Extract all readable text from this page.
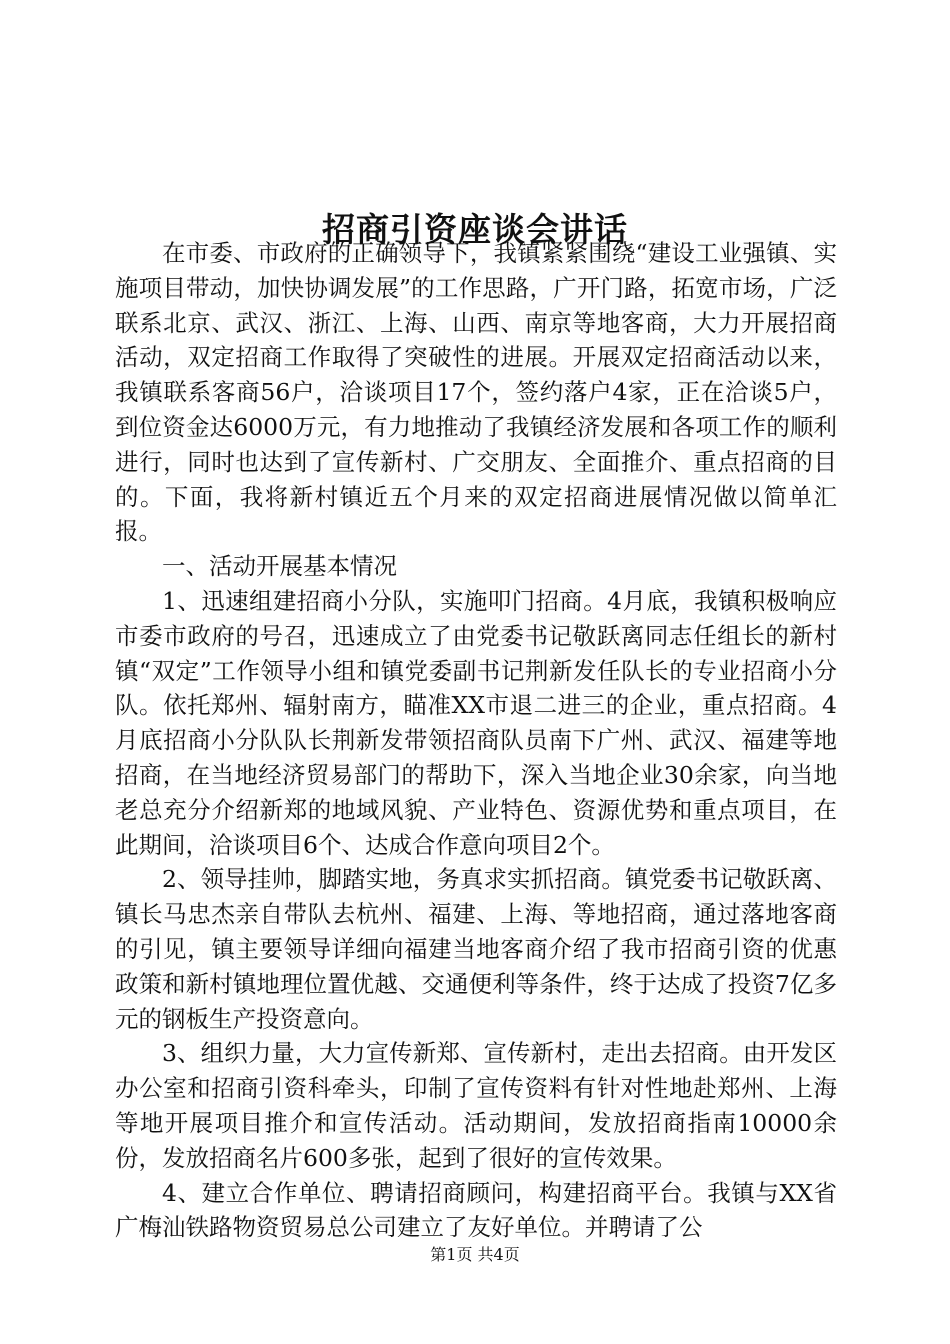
招商引资座谈会讲话

在市委、市政府的正确领导下，我镇紧紧围绕“建设工业强镇、实施项目带动，加快协调发展”的工作思路，广开门路，拓宽市场，广泛联系北京、武汉、浙江、上海、山西、南京等地客商，大力开展招商活动，双定招商工作取得了突破性的进展。开展双定招商活动以来，我镇联系客商56户，洽谈项目17个，签约落户4家，正在洽谈5户，到位资金达6000万元，有力地推动了我镇经济发展和各项工作的顺利进行，同时也达到了宣传新村、广交朋友、全面推介、重点招商的目的。下面，我将新村镇近五个月来的双定招商进展情况做以简单汇报。

一、活动开展基本情况

1、迅速组建招商小分队，实施叩门招商。4月底，我镇积极响应市委市政府的号召，迅速成立了由党委书记敬跃离同志任组长的新村镇“双定”工作领导小组和镇党委副书记荆新发任队长的专业招商小分队。依托郑州、辐射南方，瞄准XX市退二进三的企业，重点招商。4月底招商小分队队长荆新发带领招商队员南下广州、武汉、福建等地招商，在当地经济贸易部门的帮助下，深入当地企业30余家，向当地老总充分介绍新郑的地域风貌、产业特色、资源优势和重点项目，在此期间，洽谈项目6个、达成合作意向项目2个。

2、领导挂帅，脚踏实地，务真求实抓招商。镇党委书记敬跃离、镇长马忠杰亲自带队去杭州、福建、上海、等地招商，通过落地客商的引见，镇主要领导详细向福建当地客商介绍了我市招商引资的优惠政策和新村镇地理位置优越、交通便利等条件，终于达成了投资7亿多元的钢板生产投资意向。

3、组织力量，大力宣传新郑、宣传新村，走出去招商。由开发区办公室和招商引资科牵头，印制了宣传资料有针对性地赴郑州、上海等地开展项目推介和宣传活动。活动期间，发放招商指南10000余份，发放招商名片600多张，起到了很好的宣传效果。

4、建立合作单位、聘请招商顾问，构建招商平台。我镇与XX省广梅汕铁路物资贸易总公司建立了友好单位。并聘请了公

第1页 共4页
